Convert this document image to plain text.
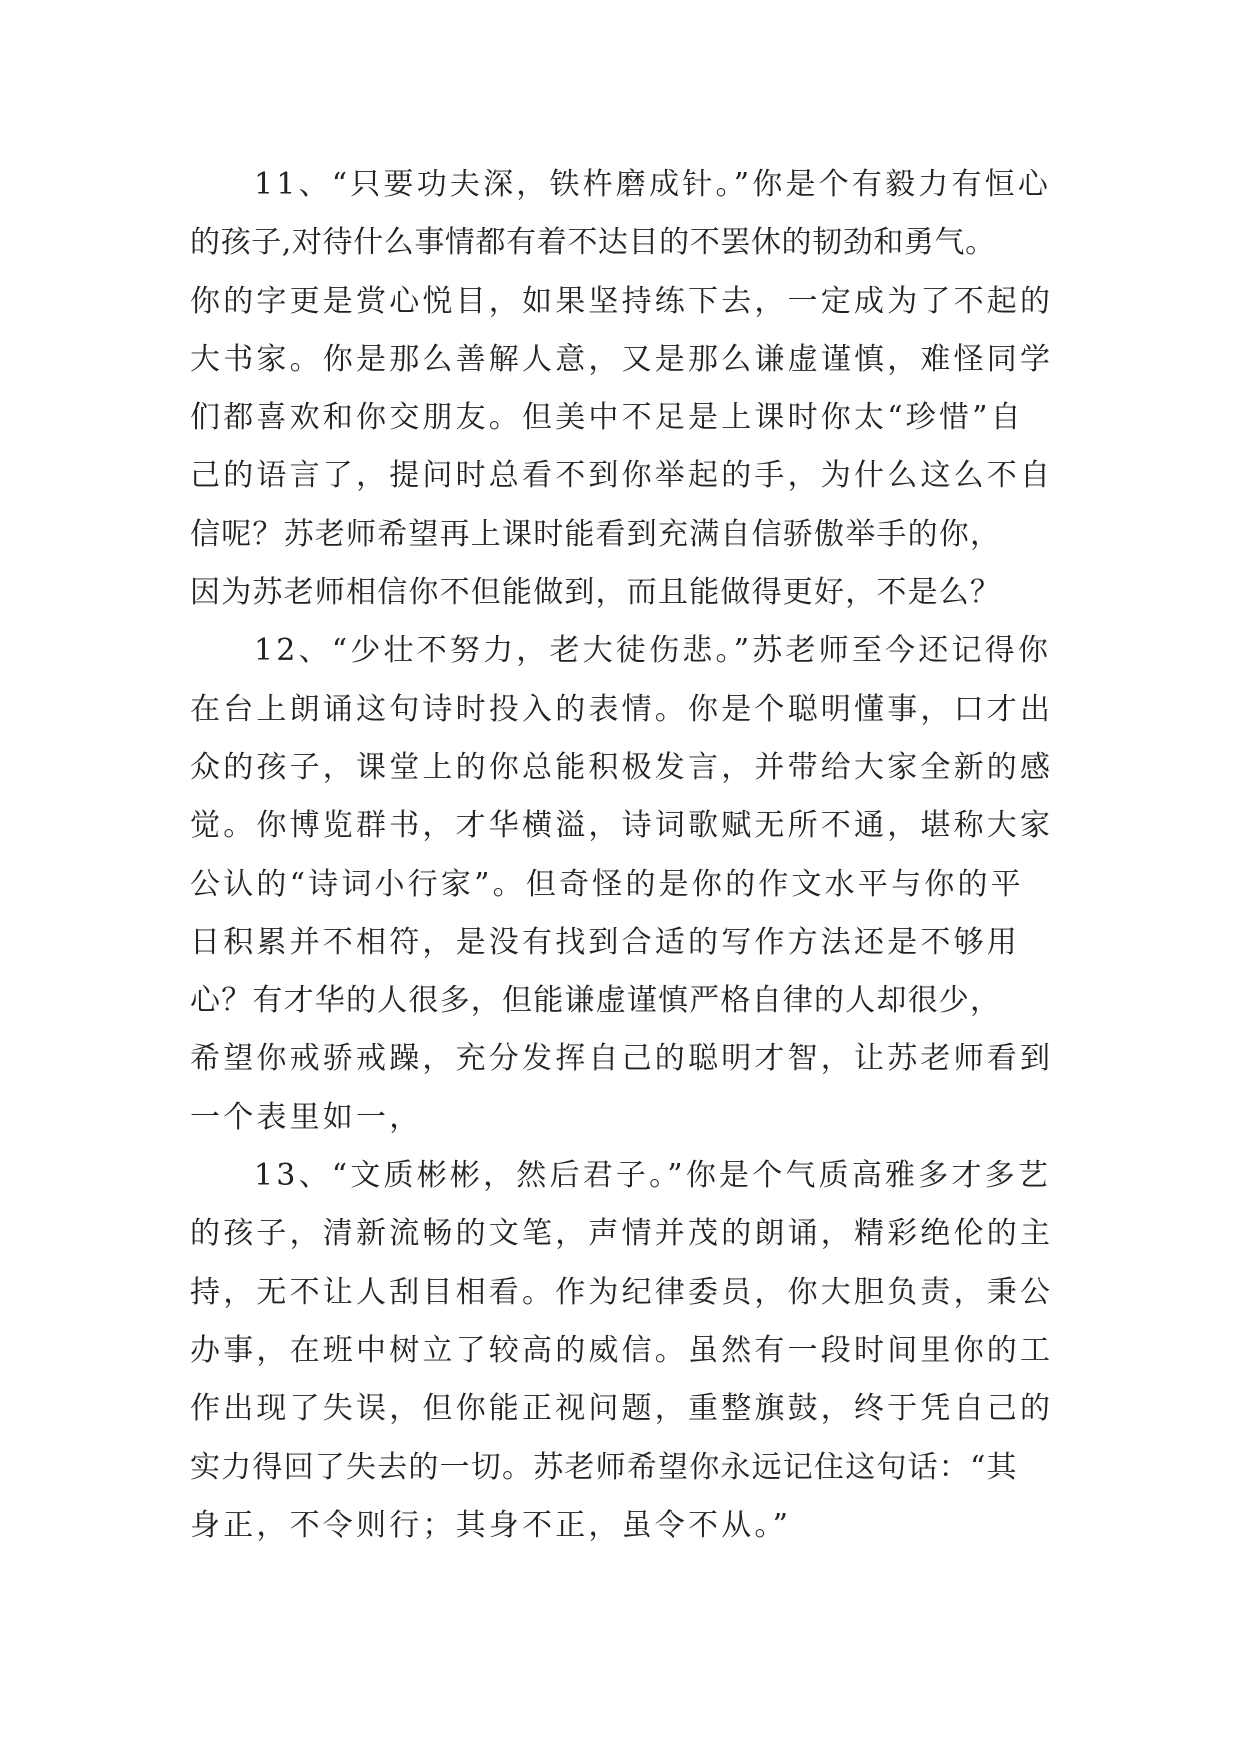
11、“只要功夫深，铁杵磨成针。”你是个有毅力有恒心
的孩子,对待什么事情都有着不达目的不罢休的韧劲和勇气。
你的字更是赏心悦目，如果坚持练下去，一定成为了不起的
大书家。你是那么善解人意，又是那么谦虚谨慎，难怪同学
们都喜欢和你交朋友。但美中不足是上课时你太“珍惜”自
己的语言了，提问时总看不到你举起的手，为什么这么不自
信呢？苏老师希望再上课时能看到充满自信骄傲举手的你，
因为苏老师相信你不但能做到，而且能做得更好，不是么？
12、“少壮不努力，老大徒伤悲。”苏老师至今还记得你
在台上朗诵这句诗时投入的表情。你是个聪明懂事，口才出
众的孩子，课堂上的你总能积极发言，并带给大家全新的感
觉。你博览群书，才华横溢，诗词歌赋无所不通，堪称大家
公认的“诗词小行家”。但奇怪的是你的作文水平与你的平
日积累并不相符，是没有找到合适的写作方法还是不够用
心？有才华的人很多，但能谦虚谨慎严格自律的人却很少，
希望你戒骄戒躁，充分发挥自己的聪明才智，让苏老师看到
一个表里如一，
13、“文质彬彬，然后君子。”你是个气质高雅多才多艺
的孩子，清新流畅的文笔，声情并茂的朗诵，精彩绝伦的主
持，无不让人刮目相看。作为纪律委员，你大胆负责，秉公
办事，在班中树立了较高的威信。虽然有一段时间里你的工
作出现了失误，但你能正视问题，重整旗鼓，终于凭自己的
实力得回了失去的一切。苏老师希望你永远记住这句话：“其
身正，不令则行；其身不正，虽令不从。”
